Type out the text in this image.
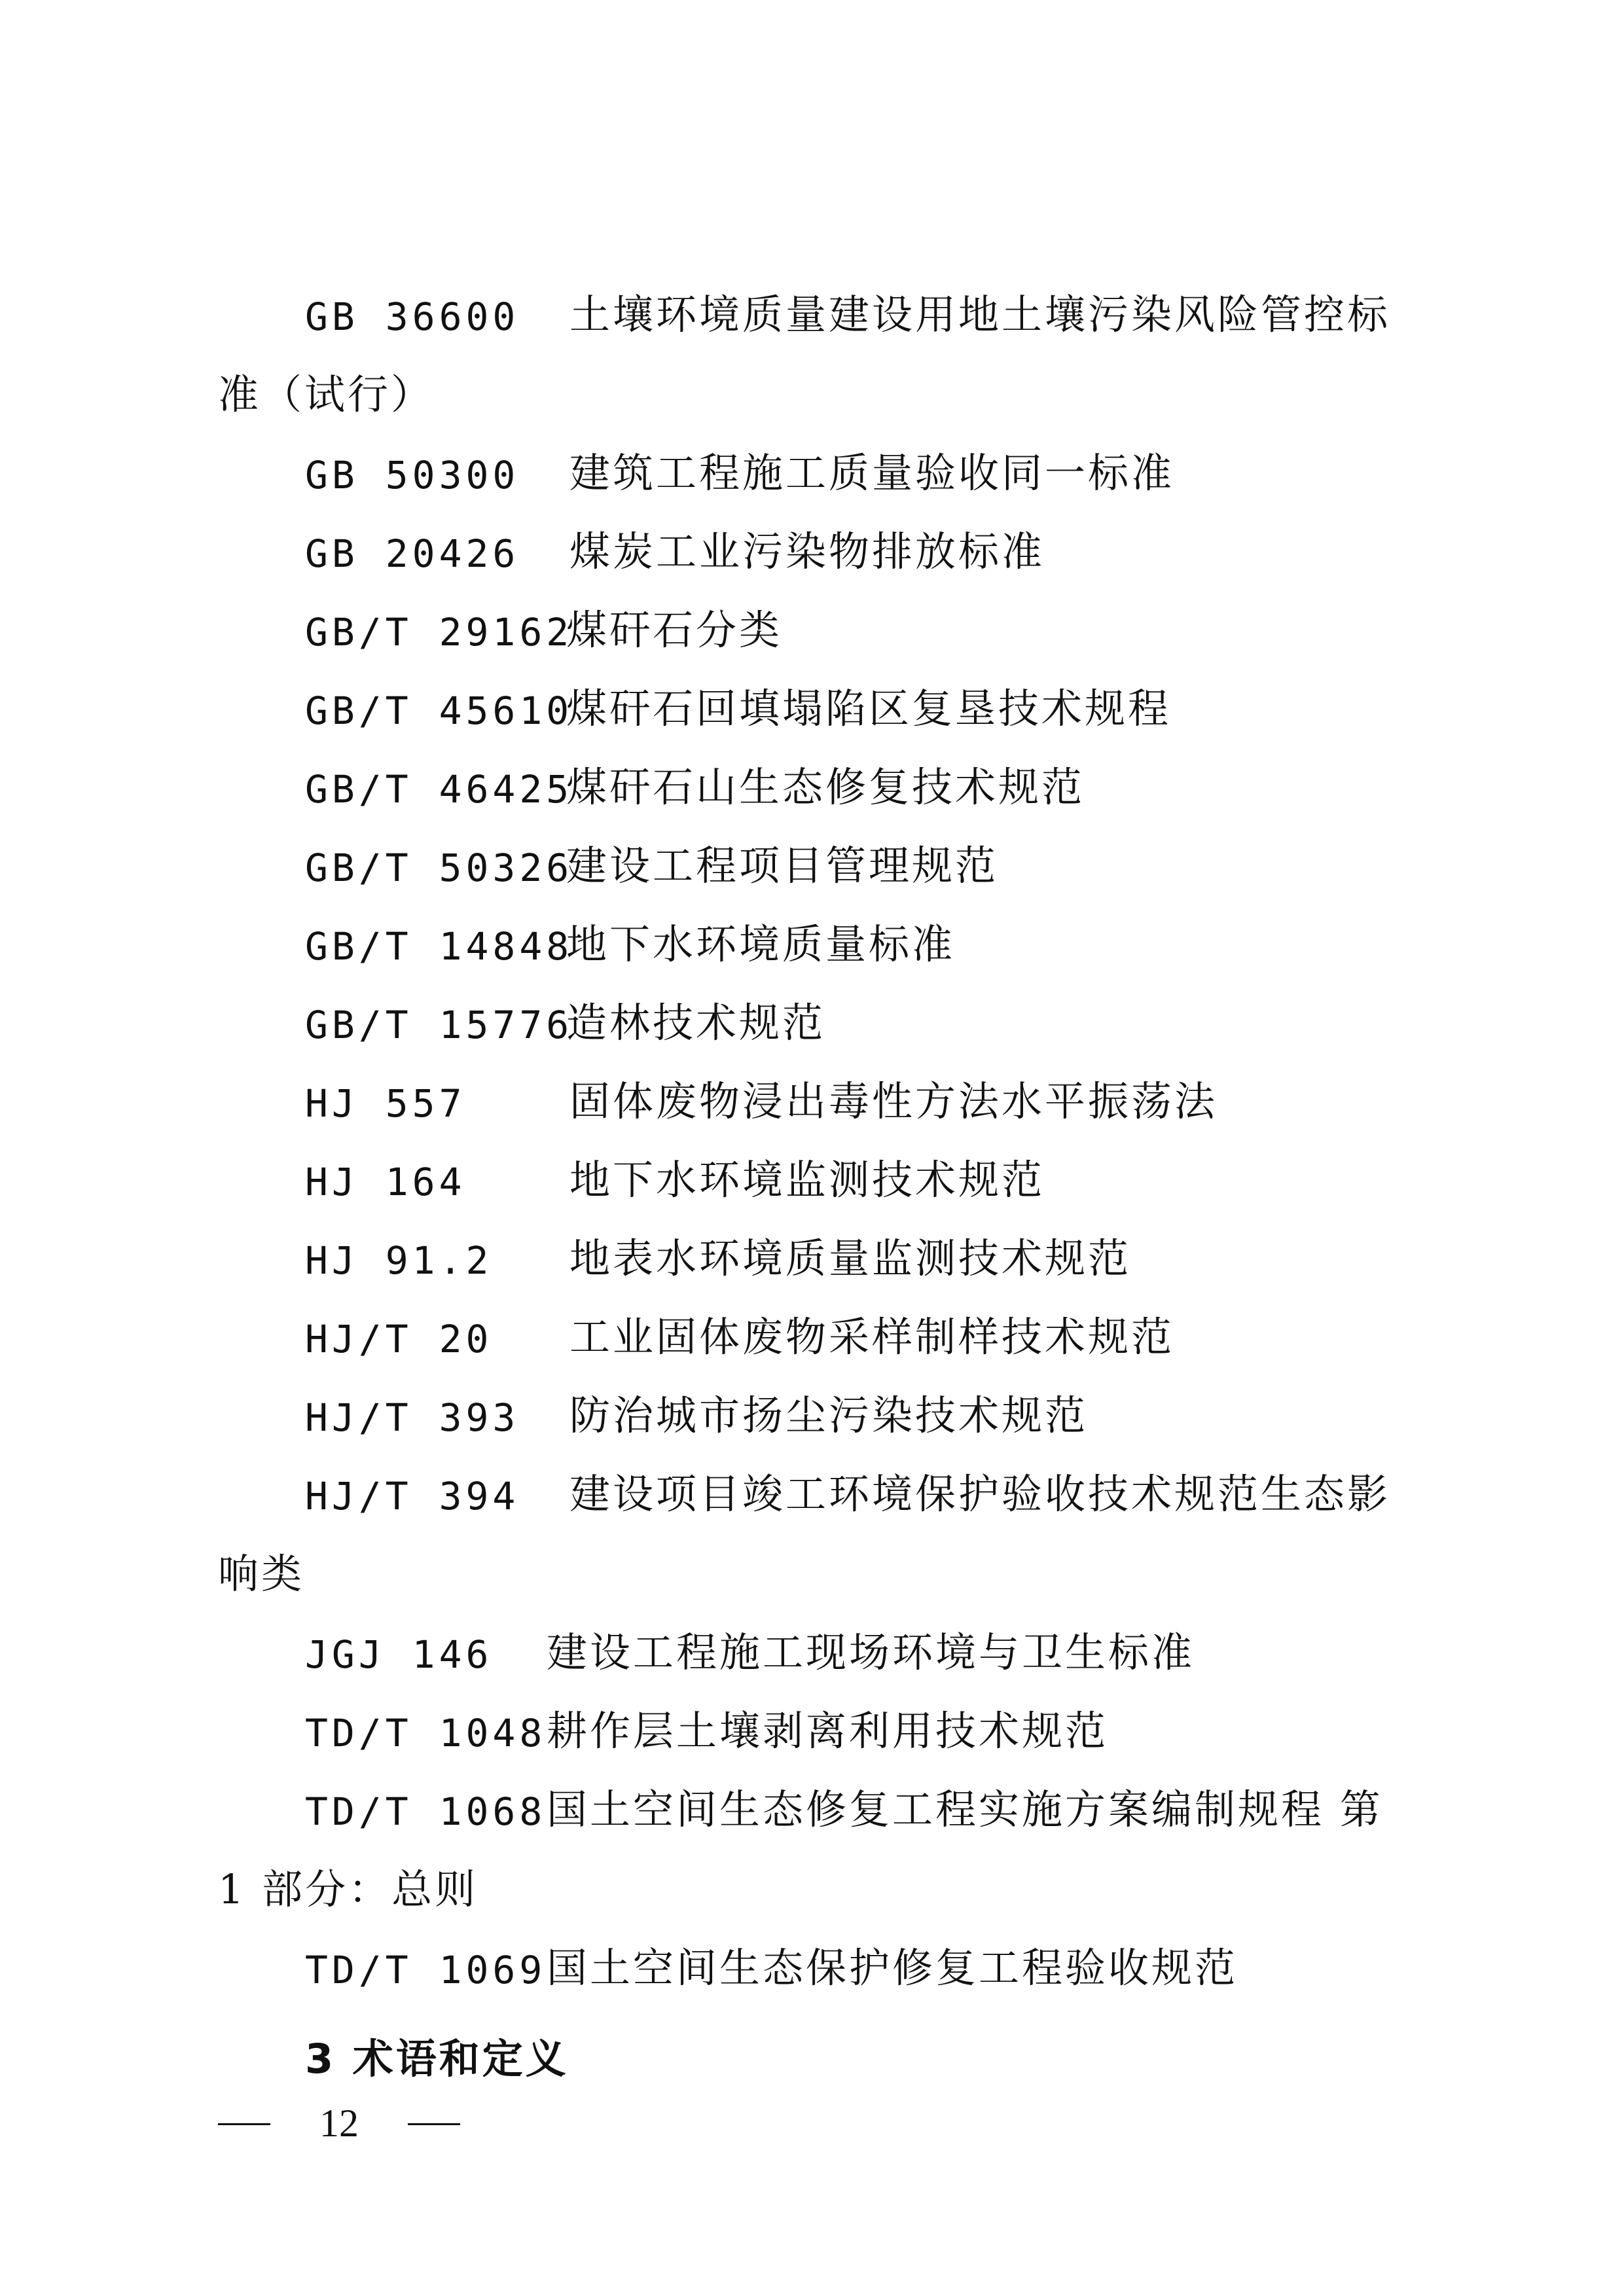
GB 36600 土壤环境质量建设用地土壤污染风险管控标
准（试行）
GB 50300 建筑工程施工质量验收同一标准
GB 20426 煤炭工业污染物排放标准
GB/T 29162
煤矸石分类
GB/T 45610
煤矸石回填塌陷区复垦技术规程
GB/T 46425
煤矸石山生态修复技术规范
GB/T 50326
建设工程项目管理规范
GB/T 14848
地下水环境质量标准
GB/T 15776
造林技术规范
HJ 557	固体废物浸出毒性方法水平振荡法
HJ 164	地下水环境监测技术规范
HJ 91.2 地表水环境质量监测技术规范
HJ/T 20 工业固体废物采样制样技术规范
HJ/T 393 防治城市扬尘污染技术规范
HJ/T 394 建设项目竣工环境保护验收技术规范生态影
响类
JGJ 146 建设工程施工现场环境与卫生标准
TD/T 1048 耕作层土壤剥离利用技术规范
TD/T 1068 国土空间生态修复工程实施方案编制规程 第
1 部分：总则
TD/T 1069 国土空间生态保护修复工程验收规范
3 术语和定义
12
